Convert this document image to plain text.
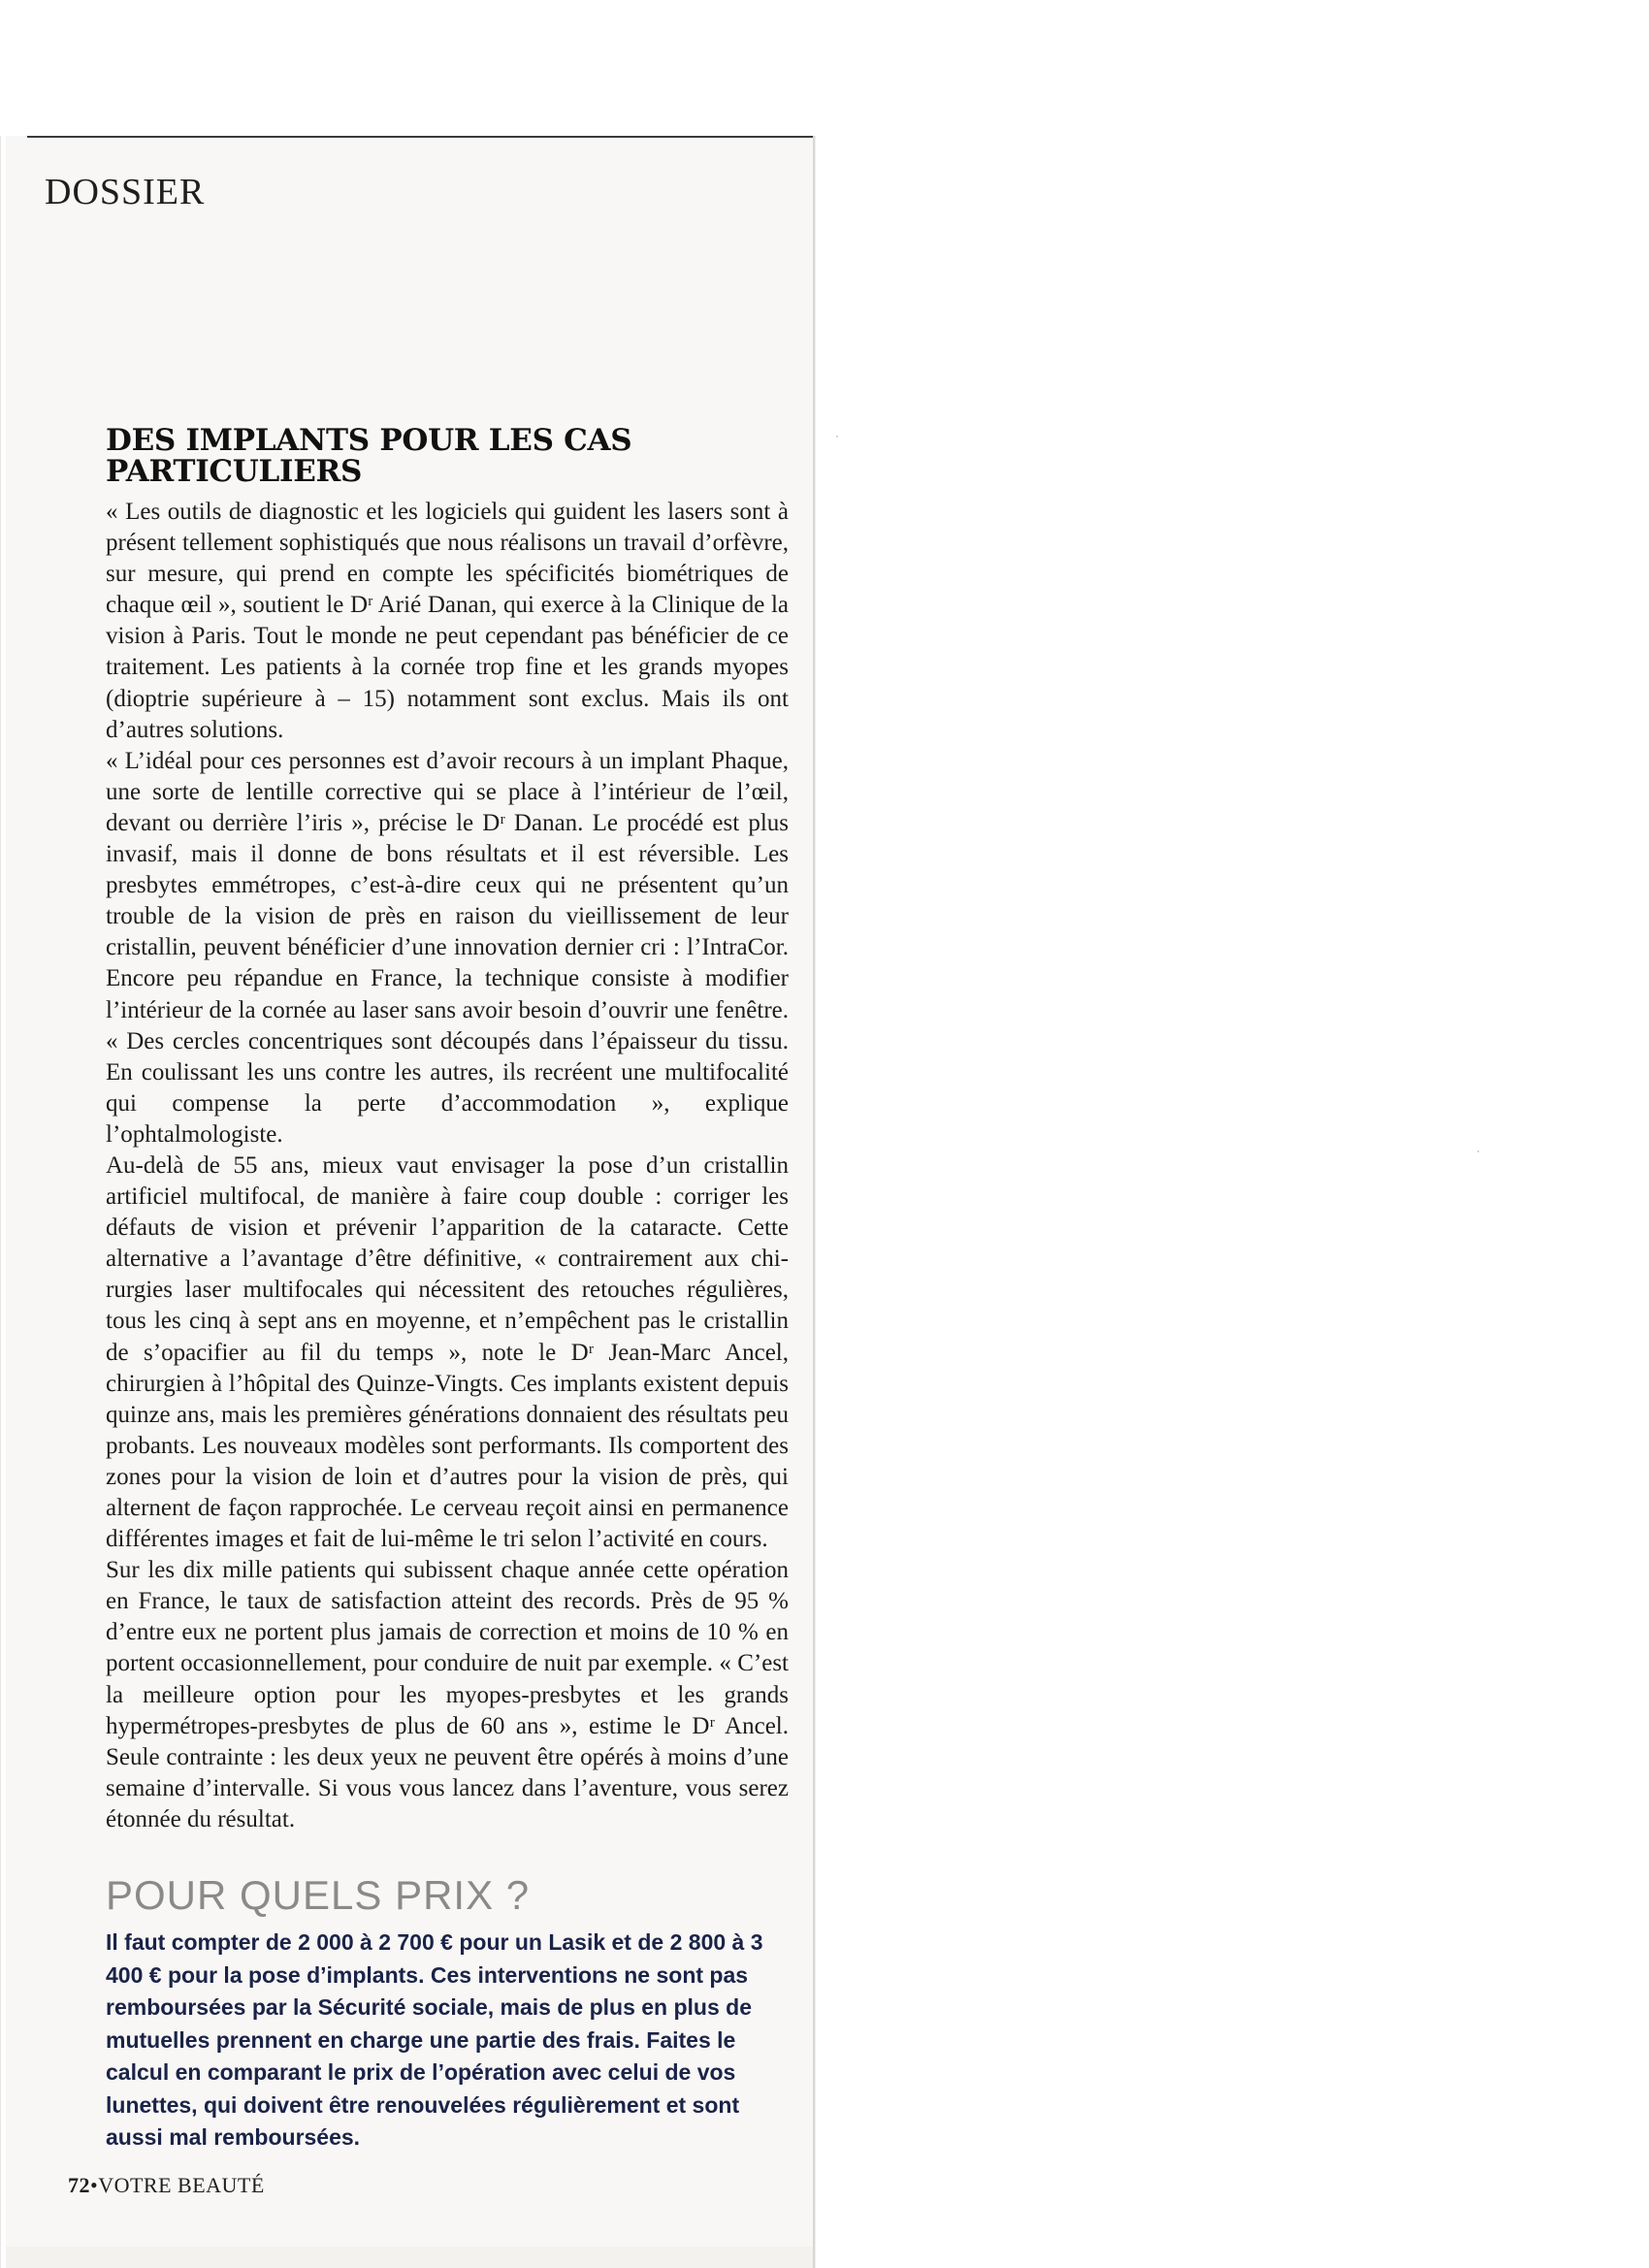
DOSSIER
DES IMPLANTS POUR LES CAS PARTICULIERS

« Les outils de diagnostic et les logiciels qui guident les lasers sont à présent tellement sophistiqués que nous réalisons un travail d’orfèvre, sur mesure, qui prend en compte les spécificités biométriques de chaque œil », soutient le Dʳ Arié Danan, qui exerce à la Clinique de la vision à Paris. Tout le monde ne peut cependant pas bénéficier de ce traitement. Les patients à la cornée trop fine et les grands myopes (dioptrie supérieure à – 15) notamment sont exclus. Mais ils ont d’autres solutions.

« L’idéal pour ces personnes est d’avoir recours à un implant Phaque, une sorte de lentille corrective qui se place à l’intérieur de l’œil, devant ou derrière l’iris », précise le Dʳ Danan. Le procédé est plus invasif, mais il donne de bons résultats et il est réversible. Les presbytes emmétropes, c’est-à-dire ceux qui ne présentent qu’un trouble de la vision de près en raison du vieillissement de leur cristallin, peuvent bénéficier d’une innovation dernier cri : l’IntraCor. Encore peu répandue en France, la technique consiste à modifier l’intérieur de la cornée au laser sans avoir besoin d’ouvrir une fenêtre. « Des cercles concentriques sont découpés dans l’épaisseur du tissu. En coulissant les uns contre les autres, ils recréent une multifocalité qui compense la perte d’accommodation », explique l’ophtalmologiste.

Au-delà de 55 ans, mieux vaut envisager la pose d’un cristallin artificiel multifocal, de manière à faire coup double : corriger les défauts de vision et prévenir l’apparition de la cataracte. Cette alternative a l’avantage d’être définitive, « contrairement aux chirurgies laser multifocales qui nécessitent des retouches régulières, tous les cinq à sept ans en moyenne, et n’empêchent pas le cristallin de s’opacifier au fil du temps », note le Dʳ Jean-Marc Ancel, chirurgien à l’hôpital des Quinze-Vingts. Ces implants existent depuis quinze ans, mais les premières générations donnaient des résultats peu probants. Les nouveaux modèles sont performants. Ils comportent des zones pour la vision de loin et d’autres pour la vision de près, qui alternent de façon rapprochée. Le cerveau reçoit ainsi en permanence différentes images et fait de lui-même le tri selon l’activité en cours.

Sur les dix mille patients qui subissent chaque année cette opération en France, le taux de satisfaction atteint des records. Près de 95 % d’entre eux ne portent plus jamais de correction et moins de 10 % en portent occasionnellement, pour conduire de nuit par exemple. « C’est la meilleure option pour les myopes-presbytes et les grands hypermétropes-presbytes de plus de 60 ans », estime le Dʳ Ancel. Seule contrainte : les deux yeux ne peuvent être opérés à moins d’une semaine d’intervalle. Si vous vous lancez dans l’aventure, vous serez étonnée du résultat.

POUR QUELS PRIX ?
Il faut compter de 2 000 à 2 700 € pour un Lasik et de 2 800 à 3 400 € pour la pose d’implants. Ces interventions ne sont pas remboursées par la Sécurité sociale, mais de plus en plus de mutuelles prennent en charge une partie des frais. Faites le calcul en comparant le prix de l’opération avec celui de vos lunettes, qui doivent être renouvelées régulièrement et sont aussi mal remboursées.
72•VOTRE BEAUTÉ
